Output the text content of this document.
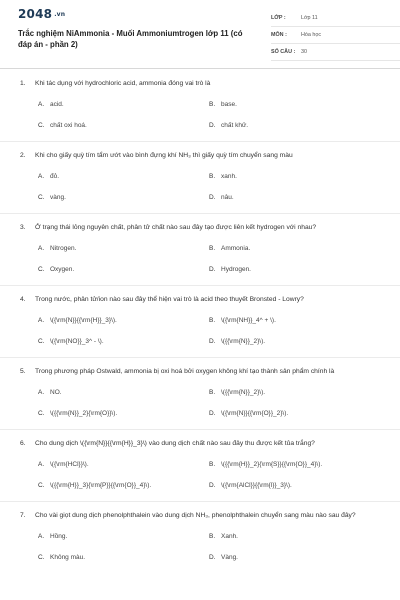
2048 .vn
Trắc nghiệm NiAmmonia - Muối Ammoniumtrogen lớp 11 (có đáp án - phần 2)
LỚP :	Lớp 11
MÔN :	Hóa học
SỐ CÂU :	30
1.	Khi tác dụng với hydrochloric acid, ammonia đóng vai trò là
A. acid.	B. base.
C. chất oxi hoá.	D. chất khử.
2.	Khi cho giấy quỳ tím tẩm ướt vào bình đựng khí NH₃ thì giấy quỳ tím chuyển sang màu
A. đỏ.	B. xanh.
C. vàng.	D. nâu.
3.	Ở trạng thái lỏng nguyên chất, phân tử chất nào sau đây tạo được liên kết hydrogen với nhau?
A. Nitrogen.	B. Ammonia.
C. Oxygen.	D. Hydrogen.
4.	Trong nước, phân tử/ion nào sau đây thể hiện vai trò là acid theo thuyết Bronsted - Lowry?
A. \({\rm{N}}{{\rm{H}}_3}\).	B. \({\rm{NH}}_4^ + \).
C. \({\rm{NO}}_3^ - \).	D. \({{\rm{N}}_2}\).
5.	Trong phương pháp Ostwald, ammonia bị oxi hoá bởi oxygen không khí tạo thành sản phẩm chính là
A. NO.	B. \({{\rm{N}}_2}\).
C. \({{\rm{N}}_2}{\rm{O}}\).	D. \({\rm{N}}{{\rm{O}}_2}\).
6.	Cho dung dịch \({\rm{N}}{{\rm{H}}_3}\) vào dung dịch chất nào sau đây thu được kết tủa trắng?
A. \({\rm{HCl}}\).	B. \({{\rm{H}}_2}{\rm{S}}{{\rm{O}}_4}\).
C. \({{\rm{H}}_3}{\rm{P}}{{\rm{O}}_4}\).	D. \({\rm{AlCl}}{{\rm{l}}_3}\).
7.	Cho vài giọt dung dịch phenolphthalein vào dung dịch NH₃, phenolphthalein chuyển sang màu nào sau đây?
A. Hồng.	B. Xanh.
C. Không màu.	D. Vàng.
